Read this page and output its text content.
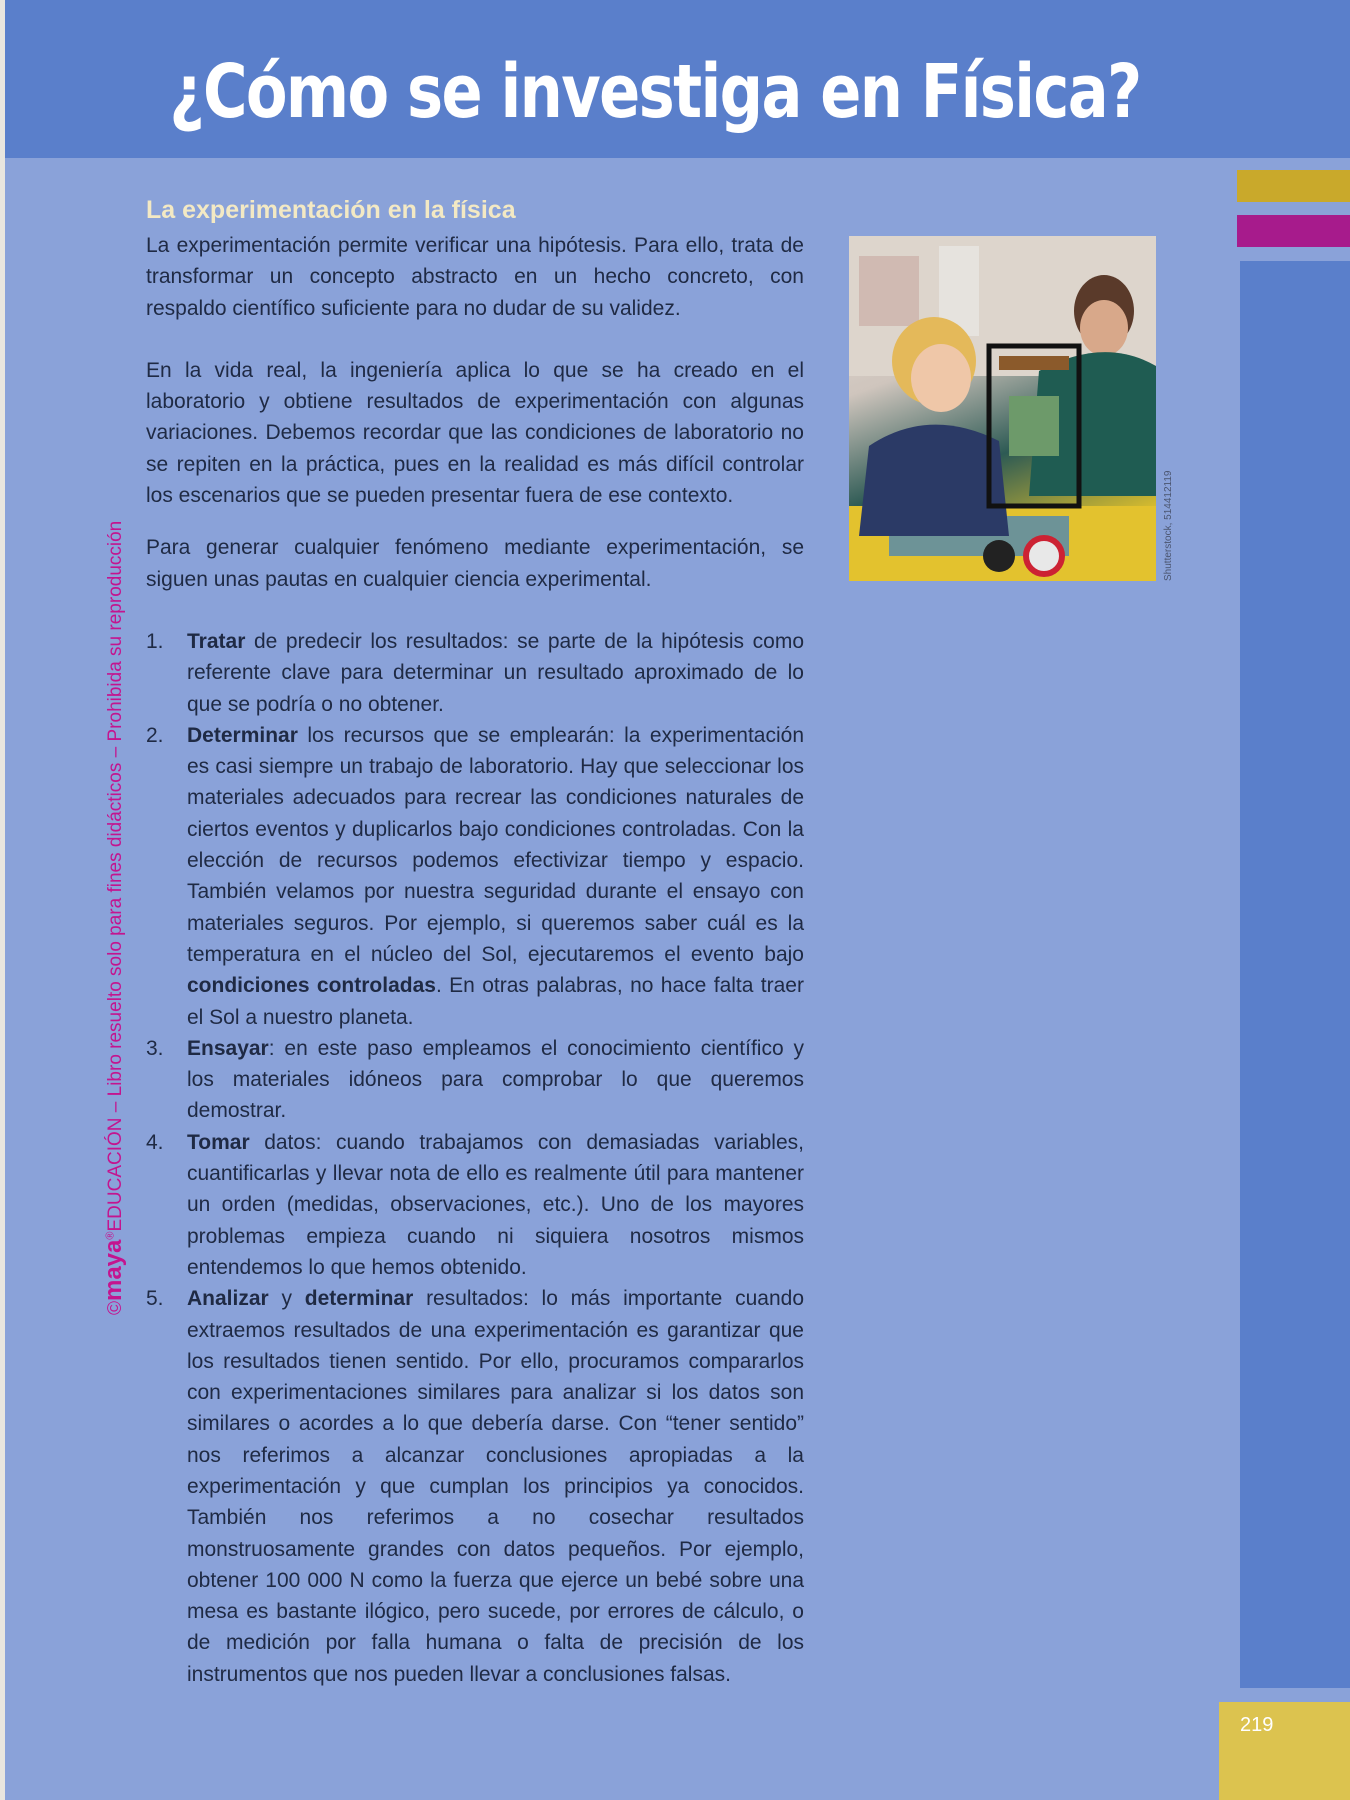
¿Cómo se investiga en Física?
©maya®EDUCACIÓN – Libro resuelto solo para fines didácticos – Prohibida su reproducción
La experimentación en la física

La experimentación permite verificar una hipótesis. Para ello, trata de transformar un concepto abstracto en un hecho concreto, con respaldo científico suficiente para no dudar de su validez.

En la vida real, la ingeniería aplica lo que se ha creado en el laboratorio y obtiene resultados de experimentación con algunas variaciones. Debemos recordar que las condiciones de laboratorio no se repiten en la práctica, pues en la realidad es más difícil controlar los escenarios que se pueden presentar fuera de ese contexto.

Para generar cualquier fenómeno mediante experimentación, se siguen unas pautas en cualquier ciencia experimental.

1. Tratar de predecir los resultados: se parte de la hipótesis como referente clave para determinar un resultado aproximado de lo que se podría o no obtener.

2. Determinar los recursos que se emplearán: la experimentación es casi siempre un trabajo de laboratorio. Hay que seleccionar los materiales adecuados para recrear las condiciones naturales de ciertos eventos y duplicarlos bajo condiciones controladas. Con la elección de recursos podemos efectivizar tiempo y espacio. También velamos por nuestra seguridad durante el ensayo con materiales seguros. Por ejemplo, si queremos saber cuál es la temperatura en el núcleo del Sol, ejecutaremos el evento bajo condiciones controladas. En otras palabras, no hace falta traer el Sol a nuestro planeta.

3. Ensayar: en este paso empleamos el conocimiento científico y los materiales idóneos para comprobar lo que queremos demostrar.

4. Tomar datos: cuando trabajamos con demasiadas variables, cuantificarlas y llevar nota de ello es realmente útil para mantener un orden (medidas, observaciones, etc.). Uno de los mayores problemas empieza cuando ni siquiera nosotros mismos entendemos lo que hemos obtenido.

5. Analizar y determinar resultados: lo más importante cuando extraemos resultados de una experimentación es garantizar que los resultados tienen sentido. Por ello, procuramos compararlos con experimentaciones similares para analizar si los datos son similares o acordes a lo que debería darse. Con “tener sentido” nos referimos a alcanzar conclusiones apropiadas a la experimentación y que cumplan los principios ya conocidos. También nos referimos a no cosechar resultados monstruosamente grandes con datos pequeños. Por ejemplo, obtener 100 000 N como la fuerza que ejerce un bebé sobre una mesa es bastante ilógico, pero sucede, por errores de cálculo, o de medición por falla humana o falta de precisión de los instrumentos que nos pueden llevar a conclusiones falsas.

Shutterstock, 514412119
219
